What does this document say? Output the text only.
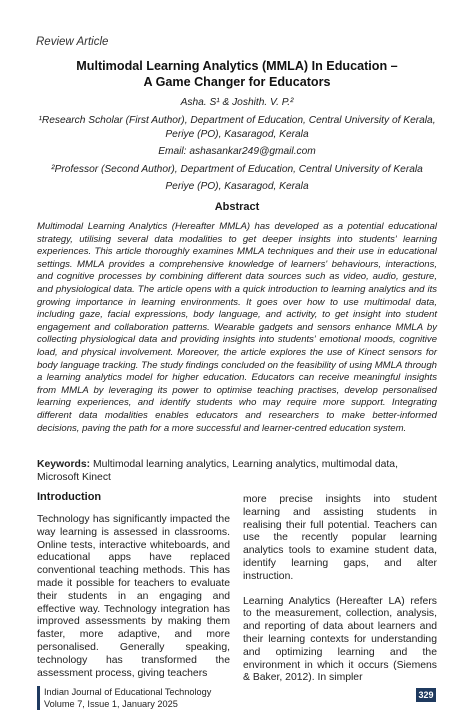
Review Article
Multimodal Learning Analytics (MMLA) In Education –
A Game Changer for Educators
Asha. S¹ & Joshith. V. P.²
¹Research Scholar (First Author), Department of Education, Central University of Kerala,
Periye (PO), Kasaragod, Kerala
Email: ashasankar249@gmail.com
²Professor (Second Author), Department of Education, Central University of Kerala
Periye (PO), Kasaragod, Kerala
Abstract
Multimodal Learning Analytics (Hereafter MMLA) has developed as a potential educational strategy, utilising several data modalities to get deeper insights into students' learning experiences. This article thoroughly examines MMLA techniques and their use in educational settings. MMLA provides a comprehensive knowledge of learners' behaviours, interactions, and cognitive processes by combining different data sources such as video, audio, gesture, and physiological data. The article opens with a quick introduction to learning analytics and its growing importance in learning environments. It goes over how to use multimodal data, including gaze, facial expressions, body language, and activity, to get insight into student engagement and collaboration patterns. Wearable gadgets and sensors enhance MMLA by collecting physiological data and providing insights into students' emotional moods, cognitive load, and physical involvement. Moreover, the article explores the use of Kinect sensors for body language tracking. The study findings concluded on the feasibility of using MMLA through a learning analytics model for higher education. Educators can receive meaningful insights from MMLA by leveraging its power to optimise teaching practises, develop personalised learning experiences, and identify students who may require more support. Integrating different data modalities enables educators and researchers to make better-informed decisions, paving the path for a more successful and learner-centred education system.
Keywords: Multimodal learning analytics, Learning analytics, multimodal data, Microsoft Kinect
Introduction

Technology has significantly impacted the way learning is assessed in classrooms. Online tests, interactive whiteboards, and educational apps have replaced conventional teaching methods. This has made it possible for teachers to evaluate their students in an engaging and effective way. Technology integration has improved assessments by making them faster, more adaptive, and more personalised. Generally speaking, technology has transformed the assessment process, giving teachers

more precise insights into student learning and assisting students in realising their full potential. Teachers can use the recently popular learning analytics tools to examine student data, identify learning gaps, and alter instruction.

Learning Analytics (Hereafter LA) refers to the measurement, collection, analysis, and reporting of data about learners and their learning contexts for understanding and optimizing learning and the environment in which it occurs (Siemens & Baker, 2012). In simpler

Indian Journal of Educational Technology
Volume 7, Issue 1, January 2025
329
